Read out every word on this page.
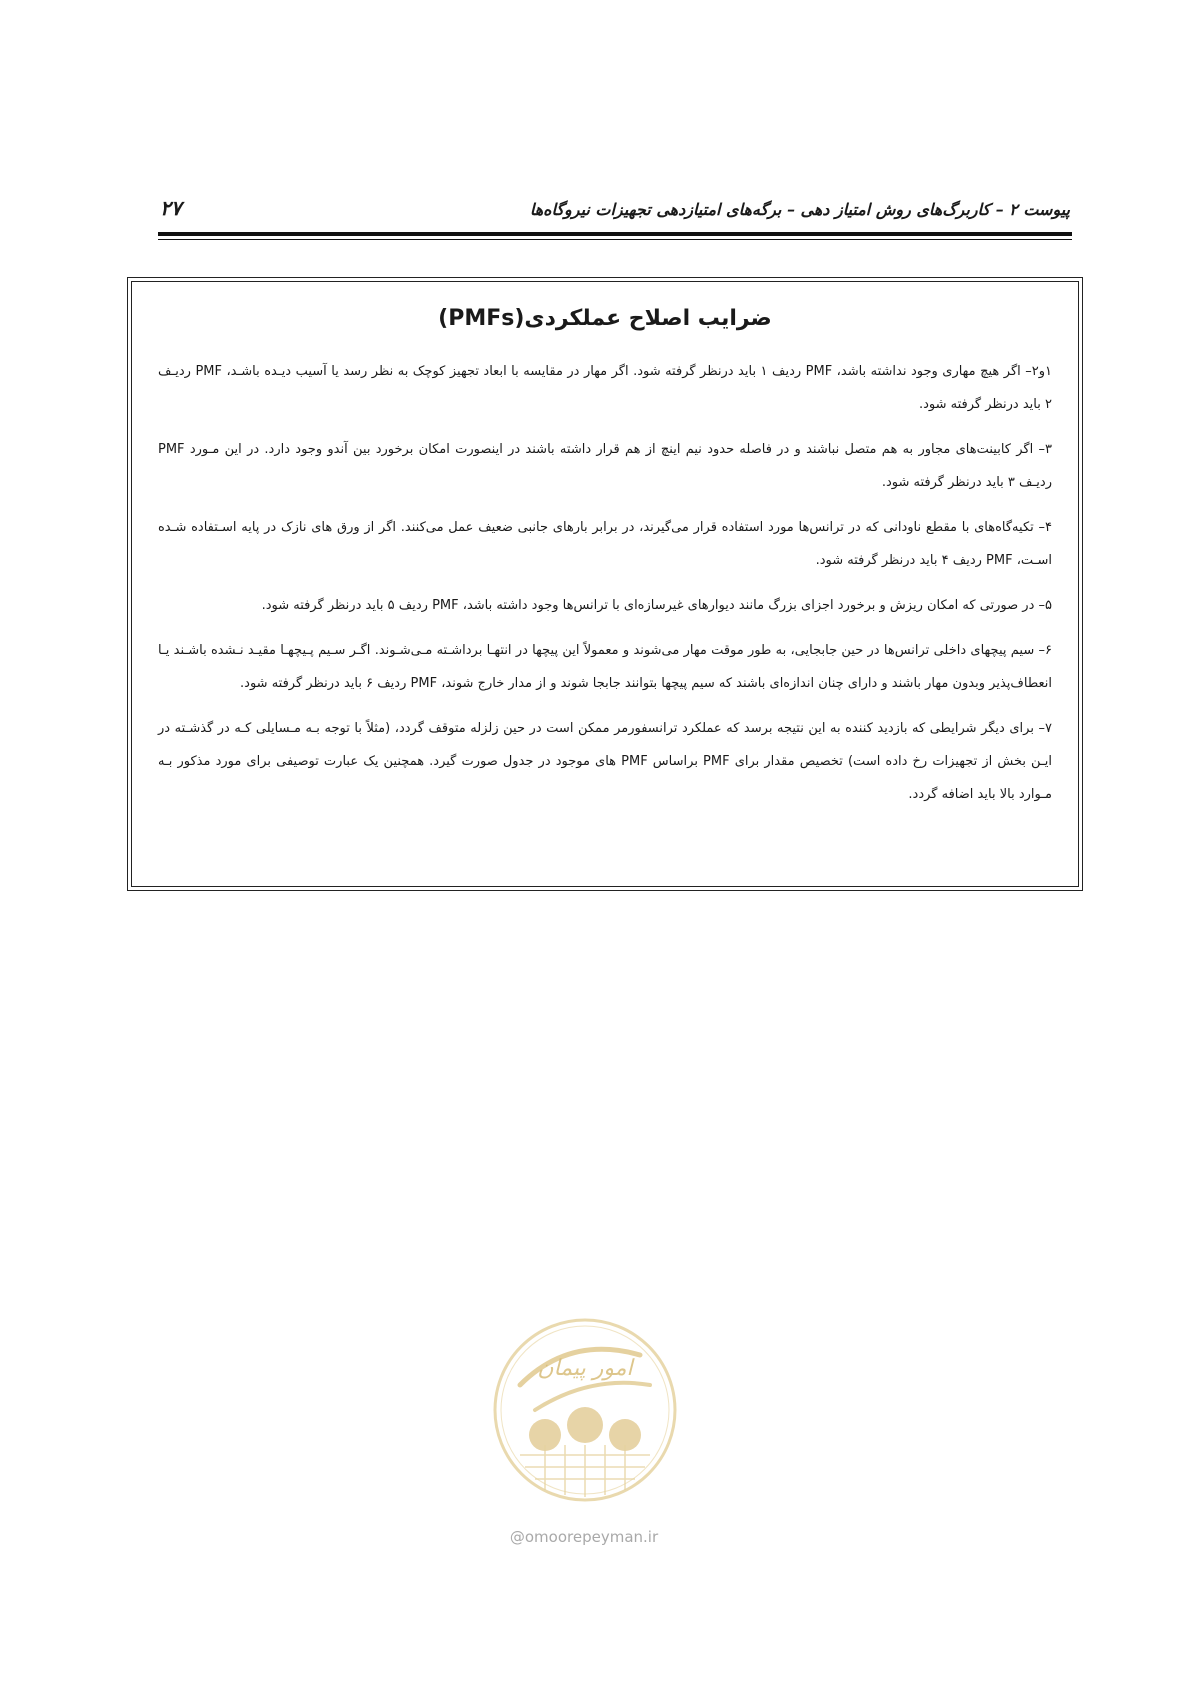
پیوست ۲ – کاربرگ‌های روش امتیاز دهی – برگه‌های امتیازدهی تجهیزات نیروگاه‌ها
۲۷
ضرایب اصلاح عملکردی(PMFs)

۱و۲– اگر هیچ مهاری وجود نداشته باشد، PMF ردیف ۱ باید درنظر گرفته شود. اگر مهار در مقایسه با ابعاد تجهیز کوچک به نظر رسد یا آسیب دیـده باشـد، PMF ردیـف ۲ باید درنظر گرفته شود.

۳– اگر کابینت‌های مجاور به هم متصل نباشند و در فاصله حدود نیم اینچ از هم قرار داشته باشند در اینصورت امکان برخورد بین آندو وجود دارد. در این مـورد PMF ردیـف ۳ باید درنظر گرفته شود.

۴– تکیه‌گاه‌های با مقطع ناودانی که در ترانس‌ها مورد استفاده قرار می‌گیرند، در برابر بارهای جانبی ضعیف عمل می‌کنند. اگر از ورق های نازک در پایه اسـتفاده شـده اسـت، PMF ردیف ۴ باید درنظر گرفته شود.

۵– در صورتی که امکان ریزش و برخورد اجزای بزرگ مانند دیوارهای غیرسازه‌ای با ترانس‌ها وجود داشته باشد، PMF ردیف ۵ باید درنظر گرفته شود.

۶– سیم پیچهای داخلی ترانس‌ها در حین جابجایی، به طور موقت مهار می‌شوند و معمولاً این پیچها در انتهـا برداشـته مـی‌شـوند. اگـر سـیم پـیچهـا مقیـد نـشده باشـند یـا انعطاف‌پذیر وبدون مهار باشند و دارای چنان اندازه‌ای باشند که سیم پیچها بتوانند جابجا شوند و از مدار خارج شوند، PMF ردیف ۶ باید درنظر گرفته شود.

۷– برای دیگر شرایطی که بازدید کننده به این نتیجه برسد که عملکرد ترانسفورمر ممکن است در حین زلزله متوقف گردد، (مثلاً با توجه بـه مـسایلی کـه در گذشـته در ایـن بخش از تجهیزات رخ داده است) تخصیص مقدار برای PMF براساس PMF های موجود در جدول صورت گیرد. همچنین یک عبارت توصیفی برای مورد مذکور بـه مـوارد بالا باید اضافه گردد.

امور پیمان
@omoorepeyman.ir
